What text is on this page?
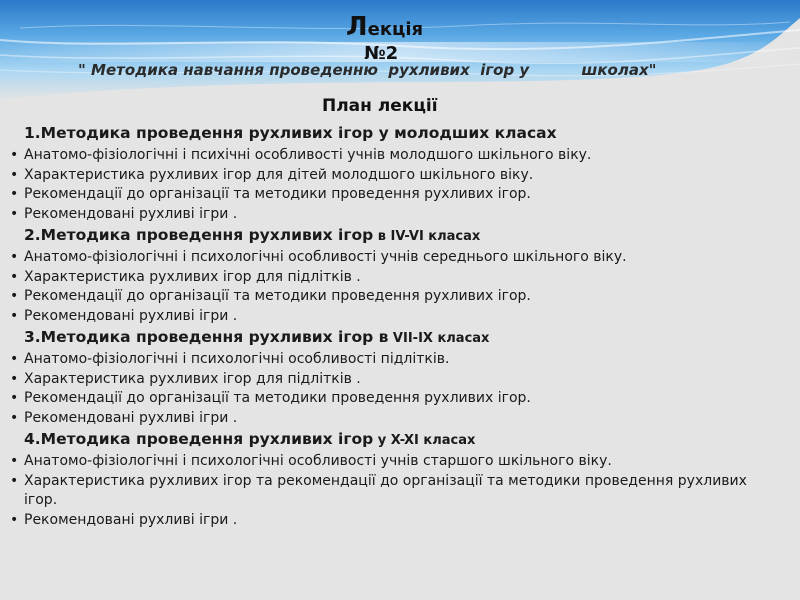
Лекція
№2
" Методика навчання проведенню  рухливих  ігор у          школах"
План лекції

1.Методика проведення рухливих ігор у молодших класах

• Анатомо-фізіологічні і психічні особливості учнів молодшого шкільного віку.

• Характеристика рухливих ігор для дітей молодшого шкільного віку.

• Рекомендації до організації та методики проведення рухливих ігор.

• Рекомендовані рухливі ігри .

2.Методика проведення рухливих ігор в IV-VI класах

• Анатомо-фізіологічні і психологічні особливості учнів середнього шкільного віку.

• Характеристика рухливих ігор для підлітків .

• Рекомендації до організації та методики проведення рухливих ігор.

• Рекомендовані рухливі ігри .

3.Методика проведення рухливих ігор в VII-IX класах

• Анатомо-фізіологічні і психологічні особливості підлітків.

• Характеристика рухливих ігор для підлітків .

• Рекомендації до організації та методики проведення рухливих ігор.

• Рекомендовані рухливі ігри .

4.Методика проведення рухливих ігор у X-XI класах

• Анатомо-фізіологічні і психологічні особливості учнів старшого шкільного віку.

• Характеристика рухливих ігор та рекомендації до організації та методики проведення рухливих ігор.

• Рекомендовані рухливі ігри .
